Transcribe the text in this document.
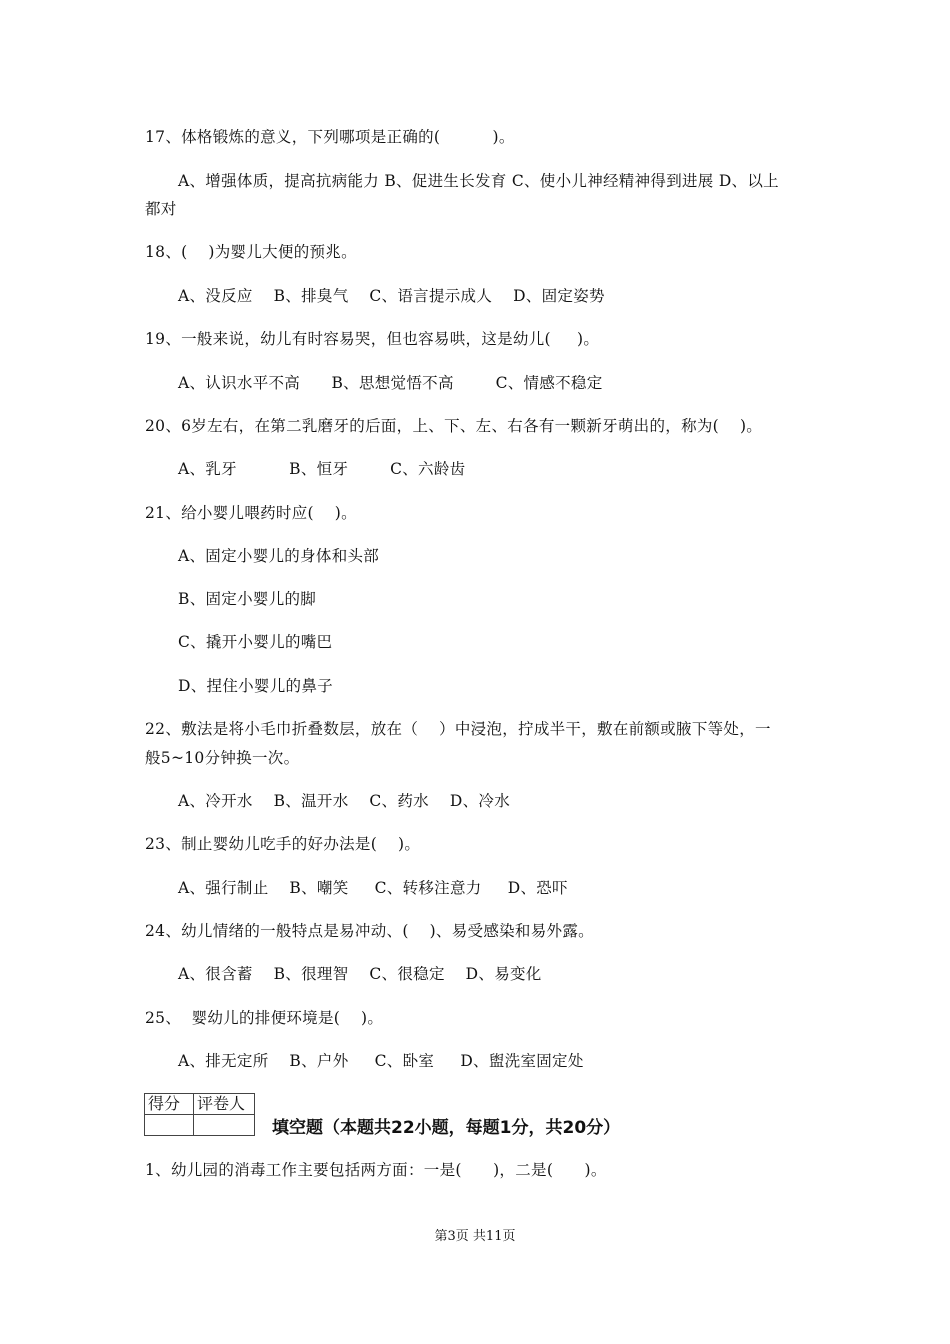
17、体格锻炼的意义，下列哪项是正确的(          )。
A、增强体质，提高抗病能力 B、促进生长发育 C、使小儿神经精神得到进展 D、以上
都对
18、(    )为婴儿大便的预兆。
A、没反应    B、排臭气    C、语言提示成人    D、固定姿势
19、一般来说，幼儿有时容易哭，但也容易哄，这是幼儿(     )。
A、认识水平不高      B、思想觉悟不高        C、情感不稳定
20、6岁左右，在第二乳磨牙的后面，上、下、左、右各有一颗新牙萌出的，称为(    )。
A、乳牙          B、恒牙        C、六龄齿
21、给小婴儿喂药时应(    )。
A、固定小婴儿的身体和头部
B、固定小婴儿的脚
C、撬开小婴儿的嘴巴
D、捏住小婴儿的鼻子
22、敷法是将小毛巾折叠数层，放在（    ）中浸泡，拧成半干，敷在前额或腋下等处，一
般5~10分钟换一次。
A、冷开水    B、温开水    C、药水    D、冷水
23、制止婴幼儿吃手的好办法是(    )。
A、强行制止    B、嘲笑     C、转移注意力     D、恐吓
24、幼儿情绪的一般特点是易冲动、(    )、易受感染和易外露。
A、很含蓄    B、很理智    C、很稳定    D、易变化
25、  婴幼儿的排便环境是(    )。
A、排无定所    B、户外     C、卧室     D、盥洗室固定处
得分	评卷人

填空题（本题共22小题，每题1分，共20分）
1、幼儿园的消毒工作主要包括两方面：一是(      )，二是(      )。
第3页 共11页
